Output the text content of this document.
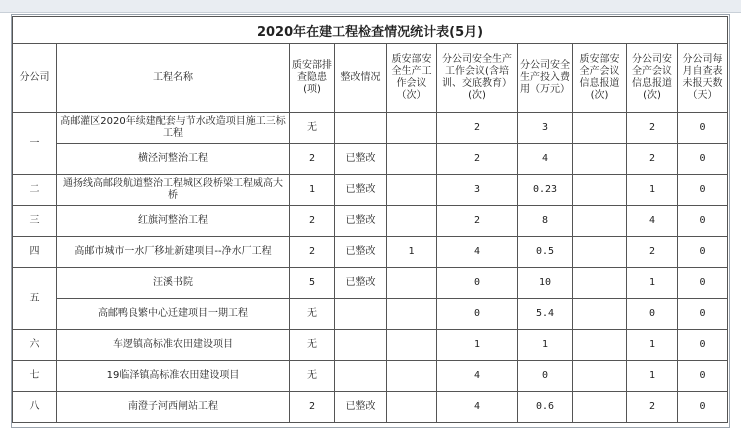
2020年在建工程检查情况统计表(5月)									
分公司	工程名称	质安部排查隐患(项)	整改情况	质安部安全生产工作会议（次）	分公司安全生产工作会议(含培训、交底教育）(次)	分公司安全生产投入费用（万元）	质安部安全产会议信息报道(次)	分公司安全产会议信息报道(次)	分公司每月自查表未报天数（天）
一	高邮灌区2020年续建配套与节水改造项目施工三标工程	无			2	3		2	0
	横泾河整治工程	2	已整改		2	4		2	0
二	通扬线高邮段航道整治工程城区段桥梁工程威高大桥	1	已整改		3	0.23		1	0
三	红旗河整治工程	2	已整改		2	8		4	0
四	高邮市城市一水厂移址新建项目--净水厂工程	2	已整改	1	4	0.5		2	0
五	汪溪书院	5	已整改		0	10		1	0
	高邮鸭良繁中心迁建项目一期工程	无			0	5.4		0	0
六	车逻镇高标准农田建设项目	无			1	1		1	0
七	19临泽镇高标准农田建设项目	无			4	0		1	0
八	南澄子河西闸站工程	2	已整改		4	0.6		2	0
